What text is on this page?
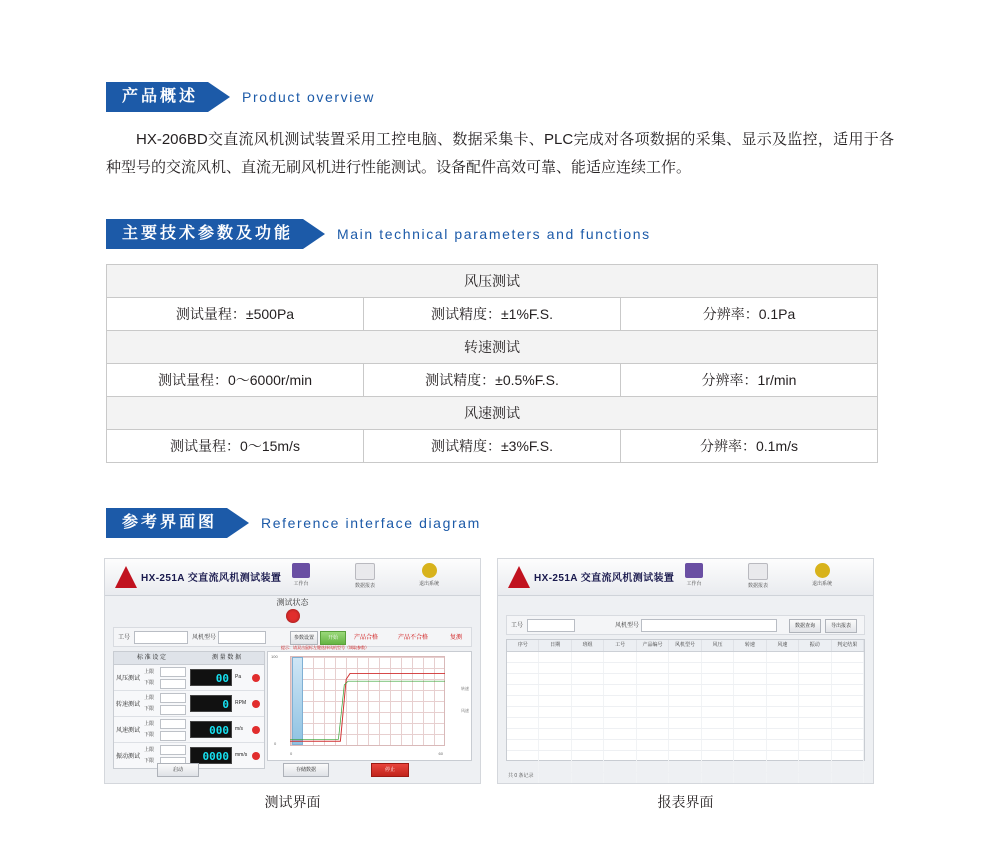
产品概述	Product overview
HX-206BD交直流风机测试装置采用工控电脑、数据采集卡、PLC完成对各项数据的采集、显示及监控，适用于各种型号的交流风机、直流无刷风机进行性能测试。设备配件高效可靠、能适应连续工作。
主要技术参数及功能	Main technical parameters and functions
风压测试		
测试量程：±500Pa	测试精度：±1%F.S.	分辨率：0.1Pa
转速测试		
测试量程：0～6000r/min	测试精度：±0.5%F.S.	分辨率：1r/min
风速测试		
测试量程：0～15m/s	测试精度：±3%F.S.	分辨率：0.1m/s
参考界面图	Reference interface diagram
HX-251A 交直流风机测试装置	工作台	数据报表	退出系统
测试状态
工号	风机型号	参数设置	开始	产品合格	产品不合格	复测
提示：请双击鼠标左键选择风机型号（调取参数）
标 准 设 定	测 量 数 据
风压测试
上限
下限	00	Pa
转速测试
上限
下限	0	RPM
风速测试
上限
下限	000	m/s
振动测试
上限
下限	0000	mm/s
启动	存储数据	停止
100
0
0	60
转速
风速
测试界面
HX-251A 交直流风机测试装置	工作台	数据报表	退出系统
工号	风机型号	数据查询	导出报表
序号	日期	班组	工号	产品编号	风机型号	风压	转速	风速	振动	判定结果
共 0 条记录
报表界面
